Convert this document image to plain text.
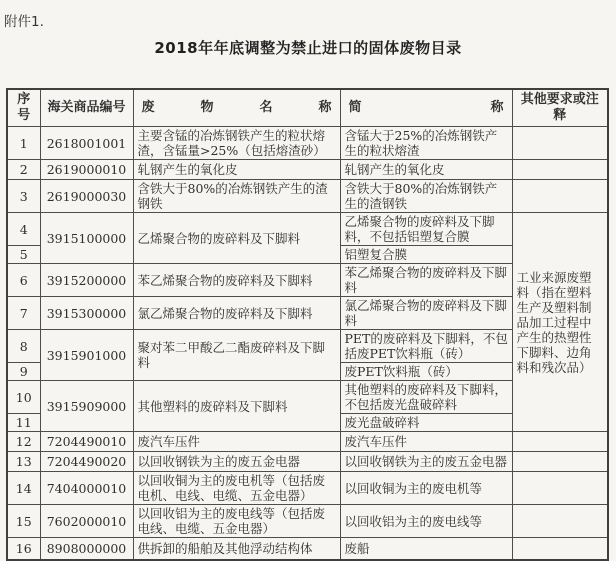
附件1.
2018年年底调整为禁止进口的固体废物目录
序号	海关商品编号	废　物　名　称	简　　称	其他要求或注释
1	2618001001	主要含锰的冶炼钢铁产生的粒状熔渣，含锰量>25%（包括熔渣砂）	含锰大于25%的冶炼钢铁产生的粒状熔渣	
2	2619000010	轧钢产生的氧化皮	轧钢产生的氧化皮	
3	2619000030	含铁大于80%的冶炼钢铁产生的渣钢铁	含铁大于80%的冶炼钢铁产生的渣钢铁	
4	3915100000	乙烯聚合物的废碎料及下脚料	乙烯聚合物的废碎料及下脚料，不包括铝塑复合膜	工业来源废塑料（指在塑料生产及塑料制品加工过程中产生的热塑性下脚料、边角料和残次品）
5			铝塑复合膜	
6	3915200000	苯乙烯聚合物的废碎料及下脚料	苯乙烯聚合物的废碎料及下脚料	
7	3915300000	氯乙烯聚合物的废碎料及下脚料	氯乙烯聚合物的废碎料及下脚料	
8	3915901000	聚对苯二甲酸乙二酯废碎料及下脚料	PET的废碎料及下脚料，不包括废PET饮料瓶（砖）	
9			废PET饮料瓶（砖）	
10	3915909000	其他塑料的废碎料及下脚料	其他塑料的废碎料及下脚料，不包括废光盘破碎料	
11			废光盘破碎料	
12	7204490010	废汽车压件	废汽车压件	
13	7204490020	以回收钢铁为主的废五金电器	以回收钢铁为主的废五金电器	
14	7404000010	以回收铜为主的废电机等（包括废电机、电线、电缆、五金电器）	以回收铜为主的废电机等	
15	7602000010	以回收铝为主的废电线等（包括废电线、电缆、五金电器）	以回收铝为主的废电线等	
16	8908000000	供拆卸的船舶及其他浮动结构体	废船	
